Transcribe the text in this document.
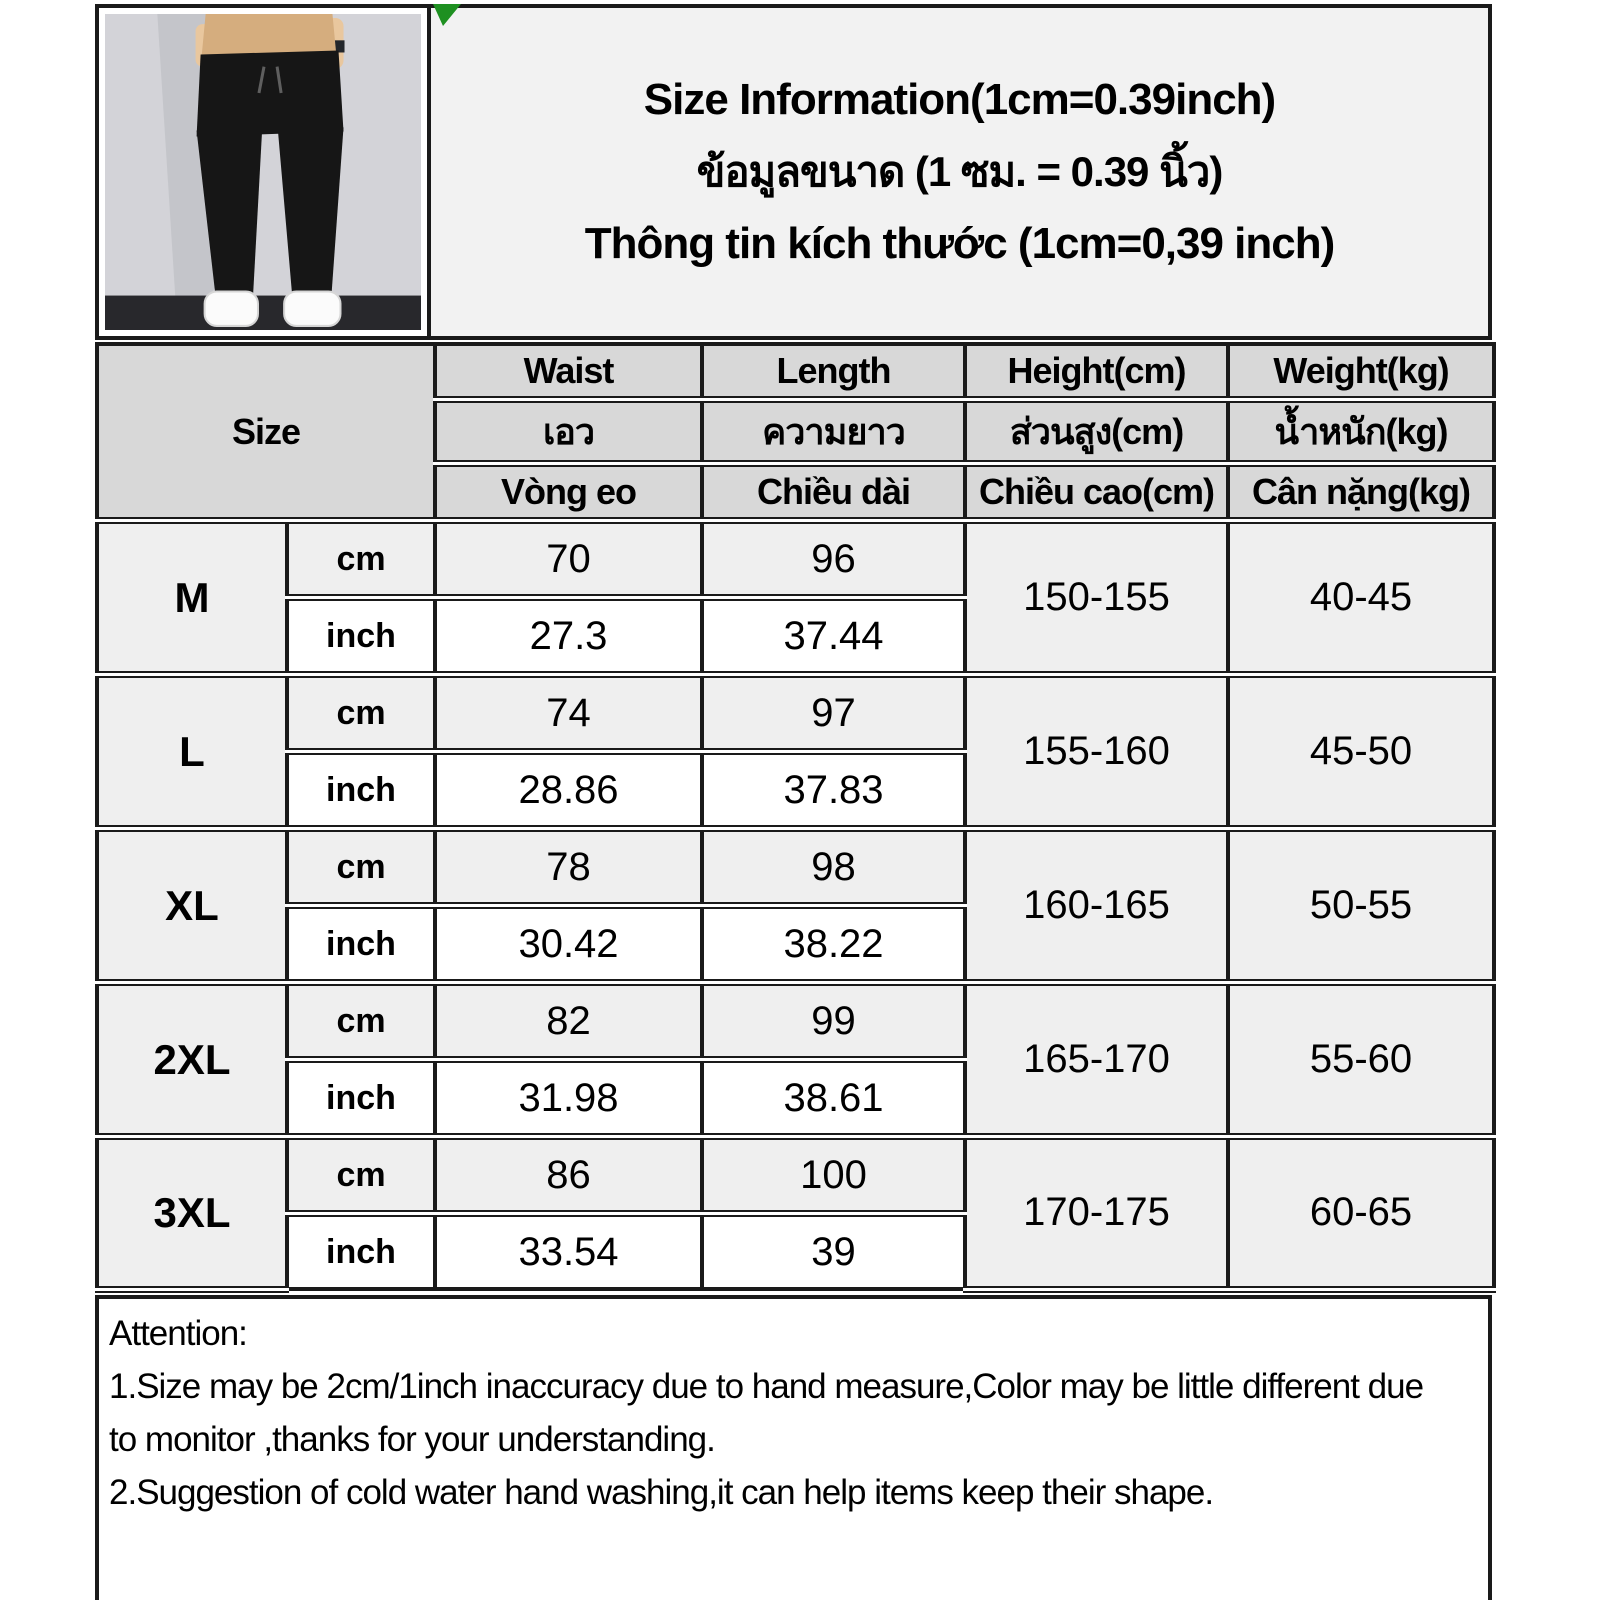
Size Information(1cm=0.39inch)
ข้อมูลขนาด (1 ซม. = 0.39 นิ้ว)
Thông tin kích thước (1cm=0,39 inch)
Size		Waist	Length	Height(cm)	Weight(kg)
		เอว	ความยาว	ส่วนสูง(cm)	น้ำหนัก(kg)
		Vòng eo	Chiều dài	Chiều cao(cm)	Cân nặng(kg)
M	cm	70	96	150-155	40-45
	inch	27.3	37.44		
L	cm	74	97	155-160	45-50
	inch	28.86	37.83		
XL	cm	78	98	160-165	50-55
	inch	30.42	38.22		
2XL	cm	82	99	165-170	55-60
	inch	31.98	38.61		
3XL	cm	86	100	170-175	60-65
	inch	33.54	39		
Attention:
1.Size may be 2cm/1inch inaccuracy due to hand measure,Color may be little different due to monitor ,thanks for your understanding.
2.Suggestion of cold water hand washing,it can help items keep their shape.
